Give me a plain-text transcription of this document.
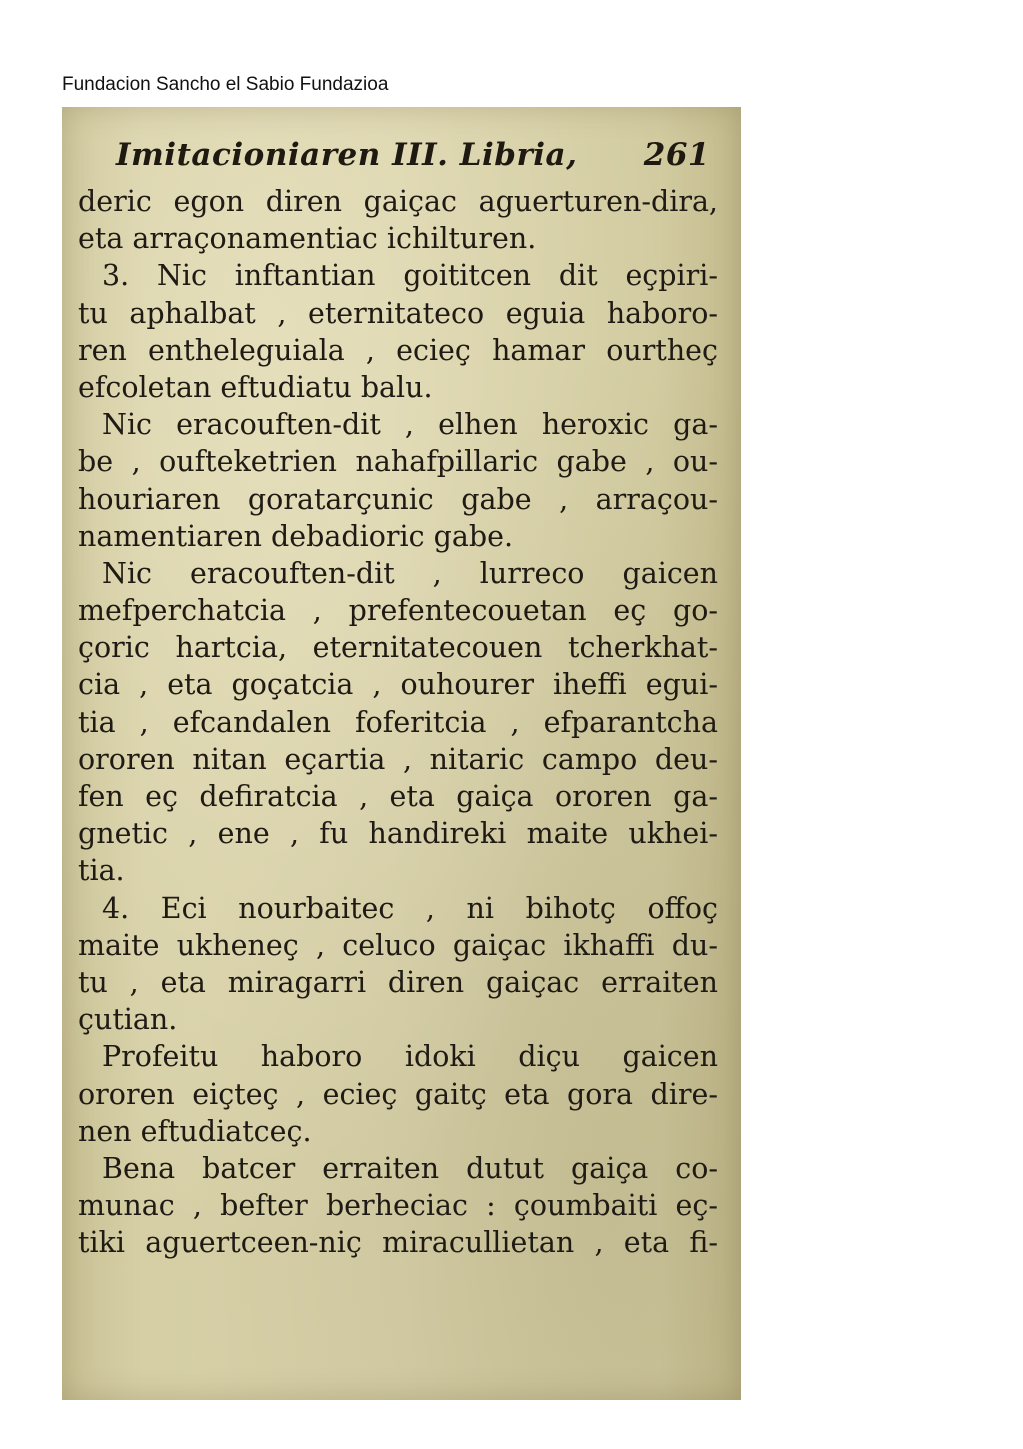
Fundacion Sancho el Sabio Fundazioa
Imitacioniaren III. Libria, 261
deric egon diren gaiçac aguerturen-dira,
eta arraçonamentiac ichilturen.
3. Nic inftantian goititcen dit eçpiri-
tu aphalbat , eternitateco eguia haboro-
ren entheleguiala , ecieç hamar ourtheç
efcoletan eftudiatu balu.
Nic eracouften-dit , elhen heroxic ga-
be , oufteketrien nahafpillaric gabe , ou-
houriaren goratarçunic gabe , arraçou-
namentiaren debadioric gabe.
Nic eracouften-dit , lurreco gaicen
mefperchatcia , prefentecouetan eç go-
çoric hartcia, eternitatecouen tcherkhat-
cia , eta goçatcia , ouhourer iheffi egui-
tia , efcandalen foferitcia , efparantcha
ororen nitan eçartia , nitaric campo deu-
fen eç defiratcia , eta gaiça ororen ga-
gnetic , ene , fu handireki maite ukhei-
tia.
4. Eci nourbaitec , ni bihotç offoç
maite ukheneç , celuco gaiçac ikhaffi du-
tu , eta miragarri diren gaiçac erraiten
çutian.
Profeitu haboro idoki diçu gaicen
ororen eiçteç , ecieç gaitç eta gora dire-
nen eftudiatceç.
Bena batcer erraiten dutut gaiça co-
munac , befter berheciac : çoumbaiti eç-
tiki aguertceen-niç miracullietan , eta fi-
